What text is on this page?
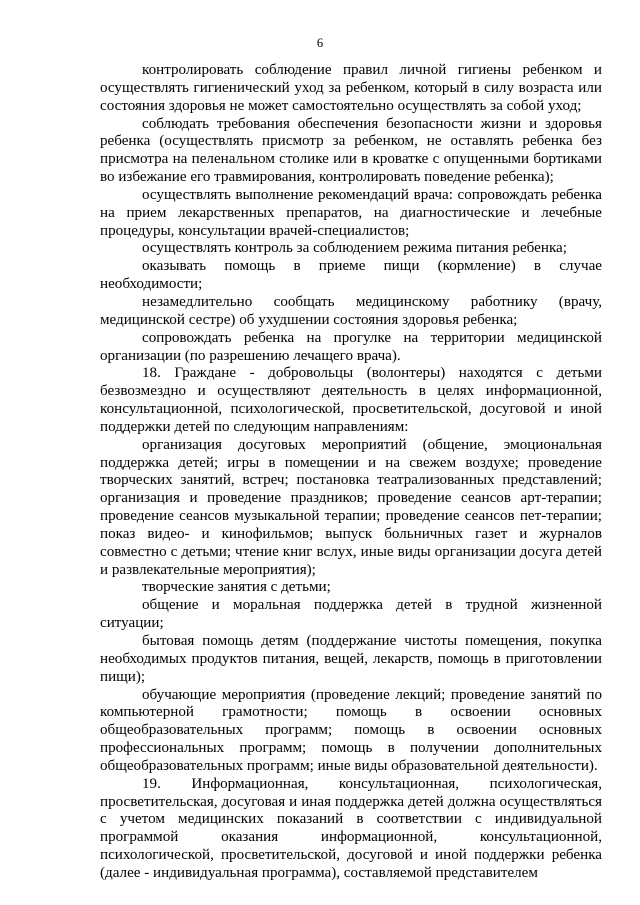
6

контролировать соблюдение правил личной гигиены ребенком и осуществлять гигиенический уход за ребенком, который в силу возраста или состояния здоровья не может самостоятельно осуществлять за собой уход;

соблюдать требования обеспечения безопасности жизни и здоровья ребенка (осуществлять присмотр за ребенком, не оставлять ребенка без присмотра на пеленальном столике или в кроватке с опущенными бортиками во избежание его травмирования, контролировать поведение ребенка);

осуществлять выполнение рекомендаций врача: сопровождать ребенка на прием лекарственных препаратов, на диагностические и лечебные процедуры, консультации врачей-специалистов;

осуществлять контроль за соблюдением режима питания ребенка;

оказывать помощь в приеме пищи (кормление) в случае необходимости;

незамедлительно сообщать медицинскому работнику (врачу, медицинской сестре) об ухудшении состояния здоровья ребенка;

сопровождать ребенка на прогулке на территории медицинской организации (по разрешению лечащего врача).

18. Граждане - добровольцы (волонтеры) находятся с детьми безвозмездно и осуществляют деятельность в целях информационной, консультационной, психологической, просветительской, досуговой и иной поддержки детей по следующим направлениям:

организация досуговых мероприятий (общение, эмоциональная поддержка детей; игры в помещении и на свежем воздухе; проведение творческих занятий, встреч; постановка театрализованных представлений; организация и проведение праздников; проведение сеансов арт-терапии; проведение сеансов музыкальной терапии; проведение сеансов пет-терапии; показ видео- и кинофильмов; выпуск больничных газет и журналов совместно с детьми; чтение книг вслух, иные виды организации досуга детей и развлекательные мероприятия);

творческие занятия с детьми;

общение и моральная поддержка детей в трудной жизненной ситуации;

бытовая помощь детям (поддержание чистоты помещения, покупка необходимых продуктов питания, вещей, лекарств, помощь в приготовлении пищи);

обучающие мероприятия (проведение лекций; проведение занятий по компьютерной грамотности; помощь в освоении основных общеобразовательных программ; помощь в освоении основных профессиональных программ; помощь в получении дополнительных общеобразовательных программ; иные виды образовательной деятельности).

19. Информационная, консультационная, психологическая, просветительская, досуговая и иная поддержка детей должна осуществляться с учетом медицинских показаний в соответствии с индивидуальной программой оказания информационной, консультационной, психологической, просветительской, досуговой и иной поддержки ребенка (далее - индивидуальная программа), составляемой представителем
